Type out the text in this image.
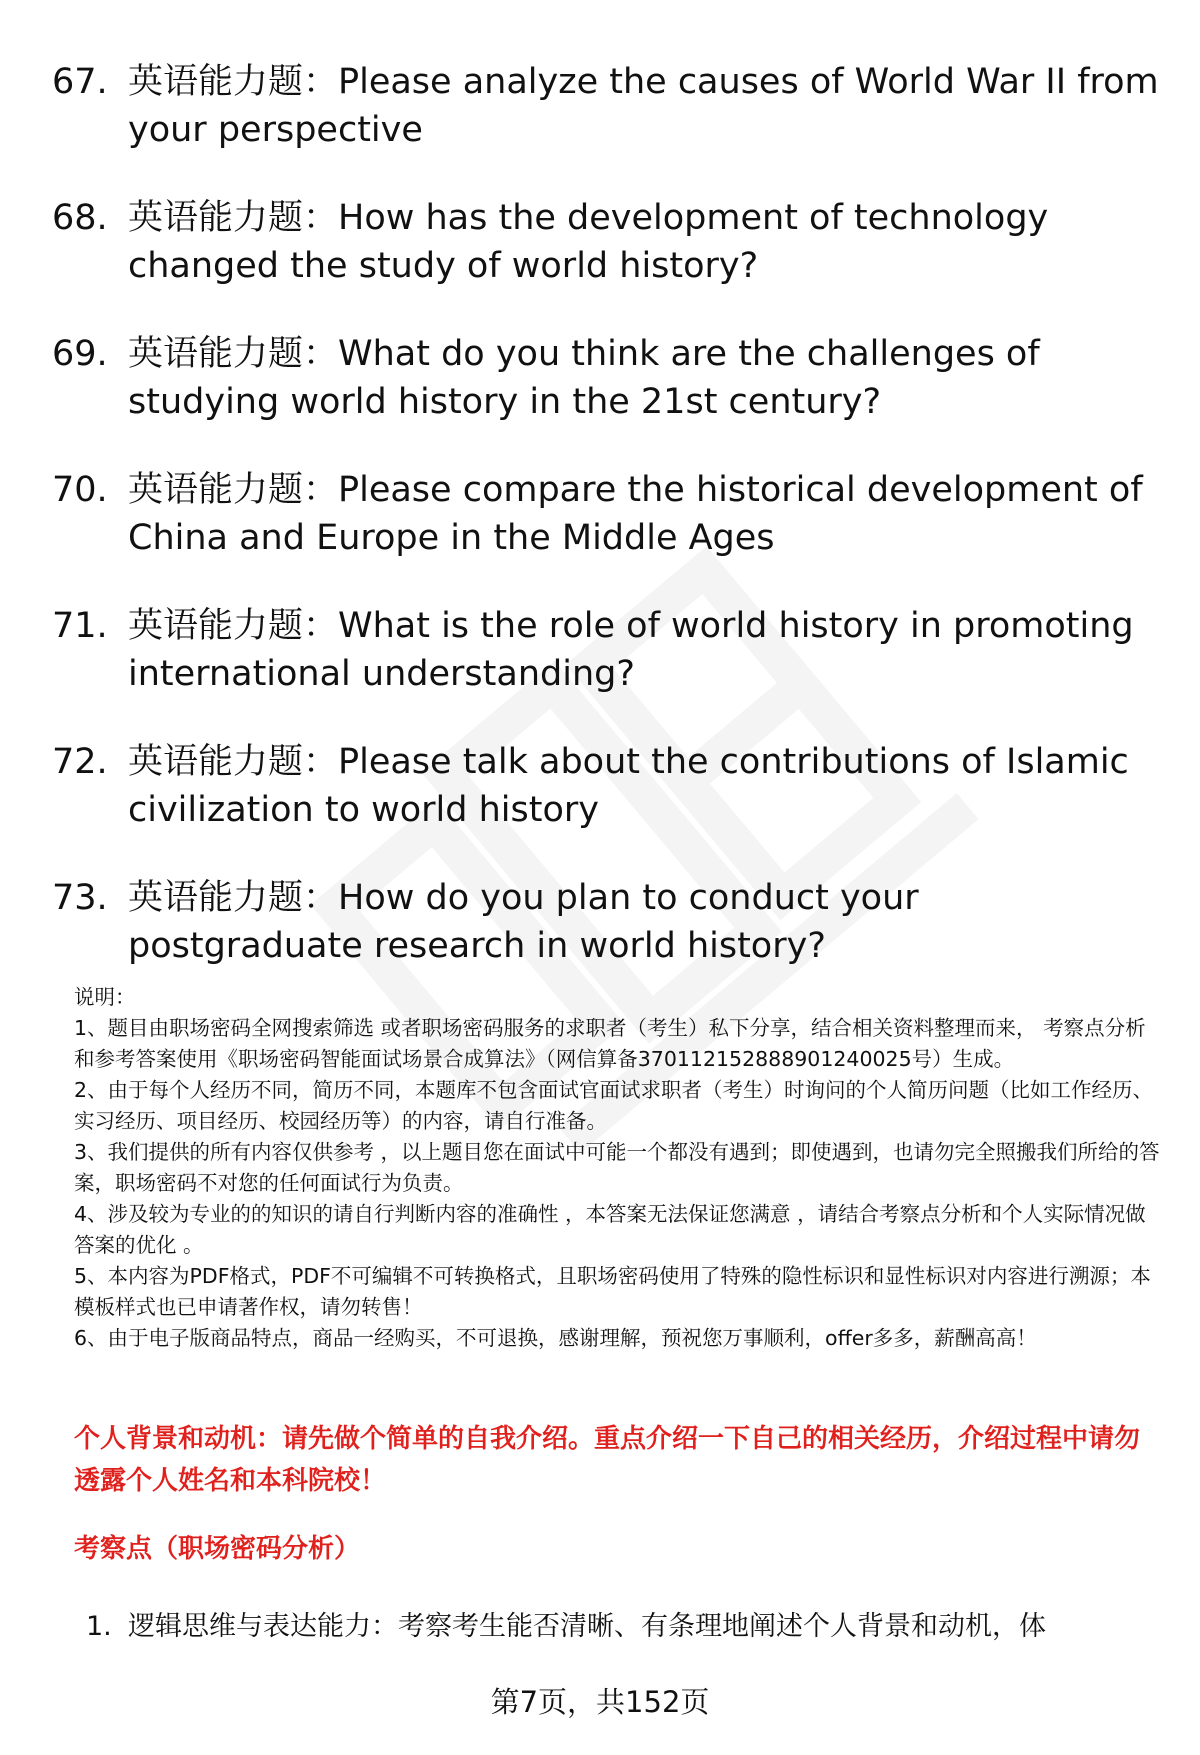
67. 英语能力题：Please analyze the causes of World War II from your perspective
68. 英语能力题：How has the development of technology changed the study of world history?
69. 英语能力题：What do you think are the challenges of studying world history in the 21st century?
70. 英语能力题：Please compare the historical development of China and Europe in the Middle Ages
71. 英语能力题：What is the role of world history in promoting international understanding?
72. 英语能力题：Please talk about the contributions of Islamic civilization to world history
73. 英语能力题：How do you plan to conduct your postgraduate research in world history?

说明：

1、题目由职场密码全网搜索筛选 或者职场密码服务的求职者（考生）私下分享，结合相关资料整理而来， 考察点分析和参考答案使用《职场密码智能面试场景合成算法》（网信算备370112152888901240025号）生成。

2、由于每个人经历不同，简历不同，本题库不包含面试官面试求职者（考生）时询问的个人简历问题（比如工作经历、实习经历、项目经历、校园经历等）的内容，请自行准备。

3、我们提供的所有内容仅供参考 ，以上题目您在面试中可能一个都没有遇到；即使遇到，也请勿完全照搬我们所给的答案，职场密码不对您的任何面试行为负责。

4、涉及较为专业的的知识的请自行判断内容的准确性 ，本答案无法保证您满意 ，请结合考察点分析和个人实际情况做答案的优化 。

5、本内容为PDF格式，PDF不可编辑不可转换格式，且职场密码使用了特殊的隐性标识和显性标识对内容进行溯源；本模板样式也已申请著作权，请勿转售！

6、由于电子版商品特点，商品一经购买，不可退换，感谢理解，预祝您万事顺利，offer多多，薪酬高高！

个人背景和动机：请先做个简单的自我介绍。重点介绍一下自己的相关经历，介绍过程中请勿透露个人姓名和本科院校！
考察点（职场密码分析）
1. 逻辑思维与表达能力：考察考生能否清晰、有条理地阐述个人背景和动机，体
第7页，共152页
